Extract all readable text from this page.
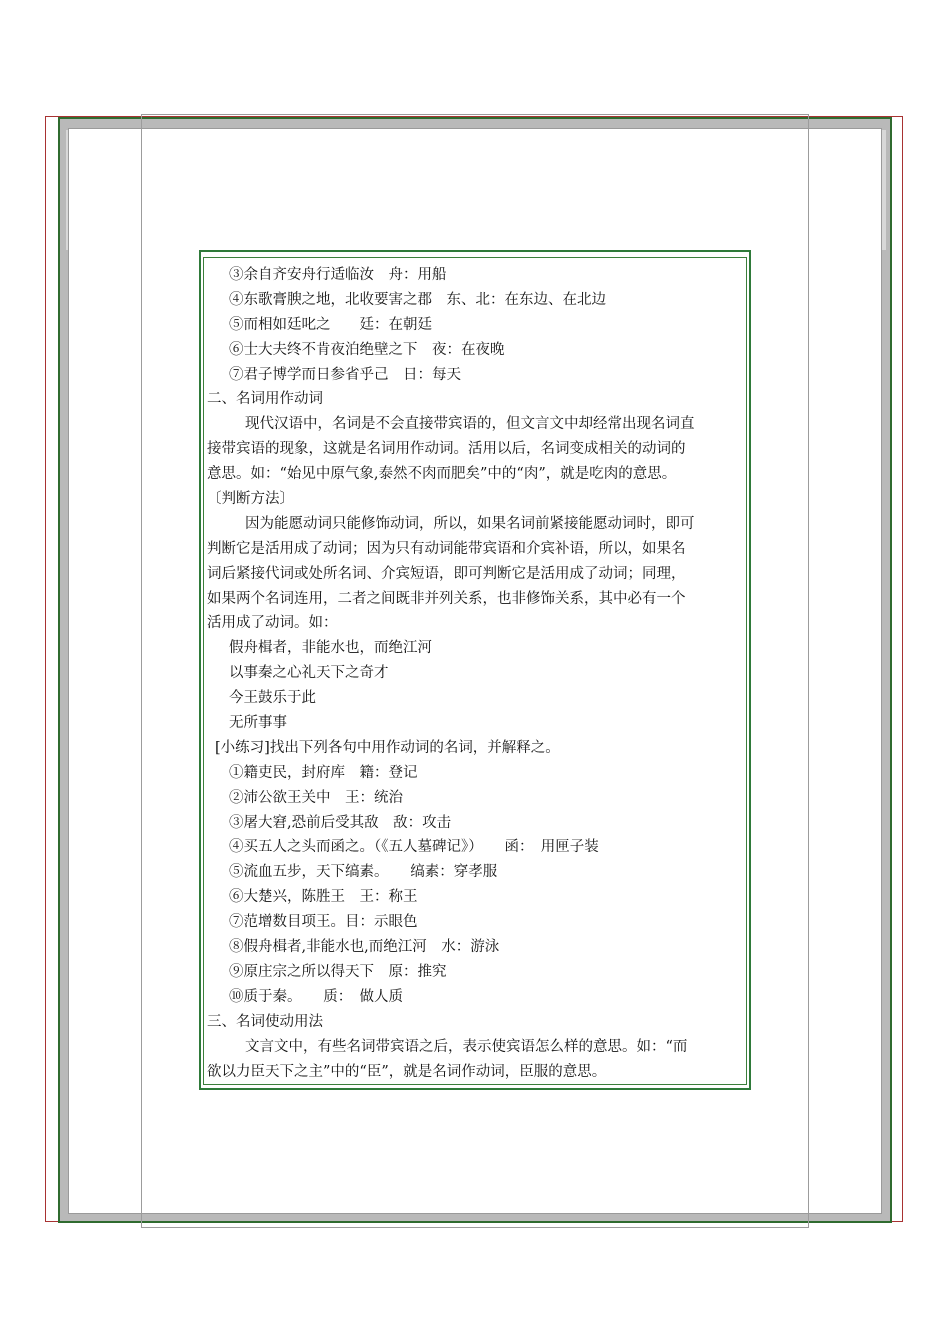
③余自齐安舟行适临汝　舟：用船
④东歌膏腴之地，北收要害之郡　东、北：在东边、在北边
⑤而相如廷叱之　　廷：在朝廷
⑥士大夫终不肯夜泊绝壁之下　夜：在夜晚
⑦君子博学而日参省乎己　日：每天
二、名词用作动词
现代汉语中，名词是不会直接带宾语的，但文言文中却经常出现名词直
接带宾语的现象，这就是名词用作动词。活用以后，名词变成相关的动词的
意思。如：“始见中原气象,泰然不肉而肥矣”中的“肉”，就是吃肉的意思。
〔判断方法〕
因为能愿动词只能修饰动词，所以，如果名词前紧接能愿动词时，即可
判断它是活用成了动词；因为只有动词能带宾语和介宾补语，所以，如果名
词后紧接代词或处所名词、介宾短语，即可判断它是活用成了动词；同理，
如果两个名词连用，二者之间既非并列关系，也非修饰关系，其中必有一个
活用成了动词。如：
假舟楫者，非能水也，而绝江河
以事秦之心礼天下之奇才
今王鼓乐于此
无所事事
[小练习]找出下列各句中用作动词的名词，并解释之。
①籍吏民，封府库　籍：登记
②沛公欲王关中　王：统治
③屠大窘,恐前后受其敌　敌：攻击
④买五人之头而函之。（《五人墓碑记》）　　函：　用匣子装
⑤流血五步，天下缟素。　　缟素：穿孝服
⑥大楚兴，陈胜王　王：称王
⑦范增数目项王。目：示眼色
⑧假舟楫者,非能水也,而绝江河　水：游泳
⑨原庄宗之所以得天下　原：推究
⑩质于秦。　　质：　做人质
三、名词使动用法
文言文中，有些名词带宾语之后，表示使宾语怎么样的意思。如：“而
欲以力臣天下之主”中的“臣”，就是名词作动词，臣服的意思。
